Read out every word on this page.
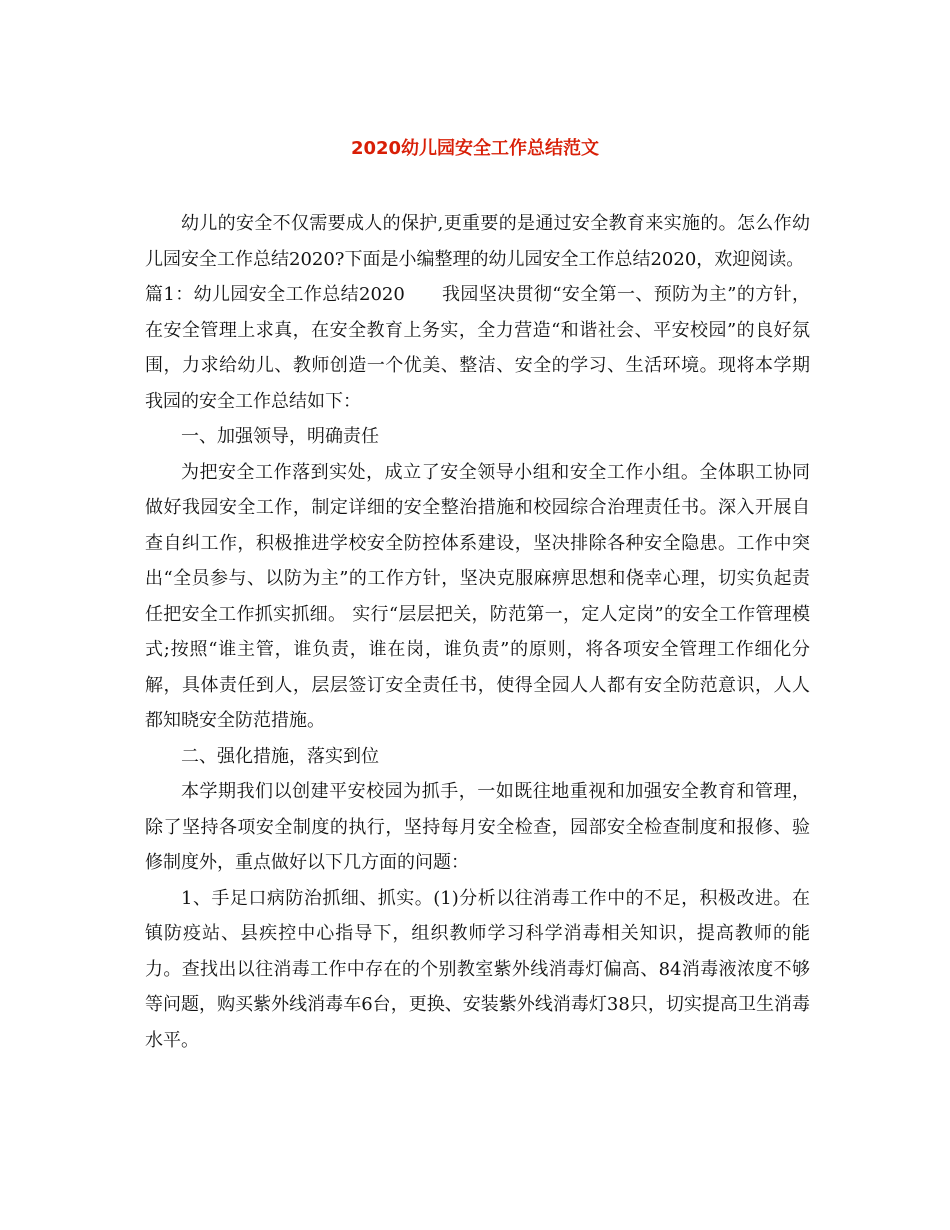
2020幼儿园安全工作总结范文

幼儿的安全不仅需要成人的保护,更重要的是通过安全教育来实施的。怎么作幼儿园安全工作总结2020?下面是小编整理的幼儿园安全工作总结2020，欢迎阅读。

篇1：幼儿园安全工作总结2020　　我园坚决贯彻“安全第一、预防为主”的方针，在安全管理上求真，在安全教育上务实，全力营造“和谐社会、平安校园”的良好氛围，力求给幼儿、教师创造一个优美、整洁、安全的学习、生活环境。现将本学期我园的安全工作总结如下：

一、加强领导，明确责任

为把安全工作落到实处，成立了安全领导小组和安全工作小组。全体职工协同做好我园安全工作，制定详细的安全整治措施和校园综合治理责任书。深入开展自查自纠工作，积极推进学校安全防控体系建设，坚决排除各种安全隐患。工作中突出“全员参与、以防为主”的工作方针，坚决克服麻痹思想和侥幸心理，切实负起责任把安全工作抓实抓细。 实行“层层把关，防范第一，定人定岗”的安全工作管理模式;按照“谁主管，谁负责，谁在岗，谁负责”的原则，将各项安全管理工作细化分解，具体责任到人，层层签订安全责任书，使得全园人人都有安全防范意识，人人都知晓安全防范措施。

二、强化措施，落实到位

本学期我们以创建平安校园为抓手，一如既往地重视和加强安全教育和管理，除了坚持各项安全制度的执行，坚持每月安全检查，园部安全检查制度和报修、验修制度外，重点做好以下几方面的问题：

1、手足口病防治抓细、抓实。(1)分析以往消毒工作中的不足，积极改进。在镇防疫站、县疾控中心指导下，组织教师学习科学消毒相关知识，提高教师的能力。查找出以往消毒工作中存在的个别教室紫外线消毒灯偏高、84消毒液浓度不够等问题，购买紫外线消毒车6台，更换、安装紫外线消毒灯38只，切实提高卫生消毒水平。
